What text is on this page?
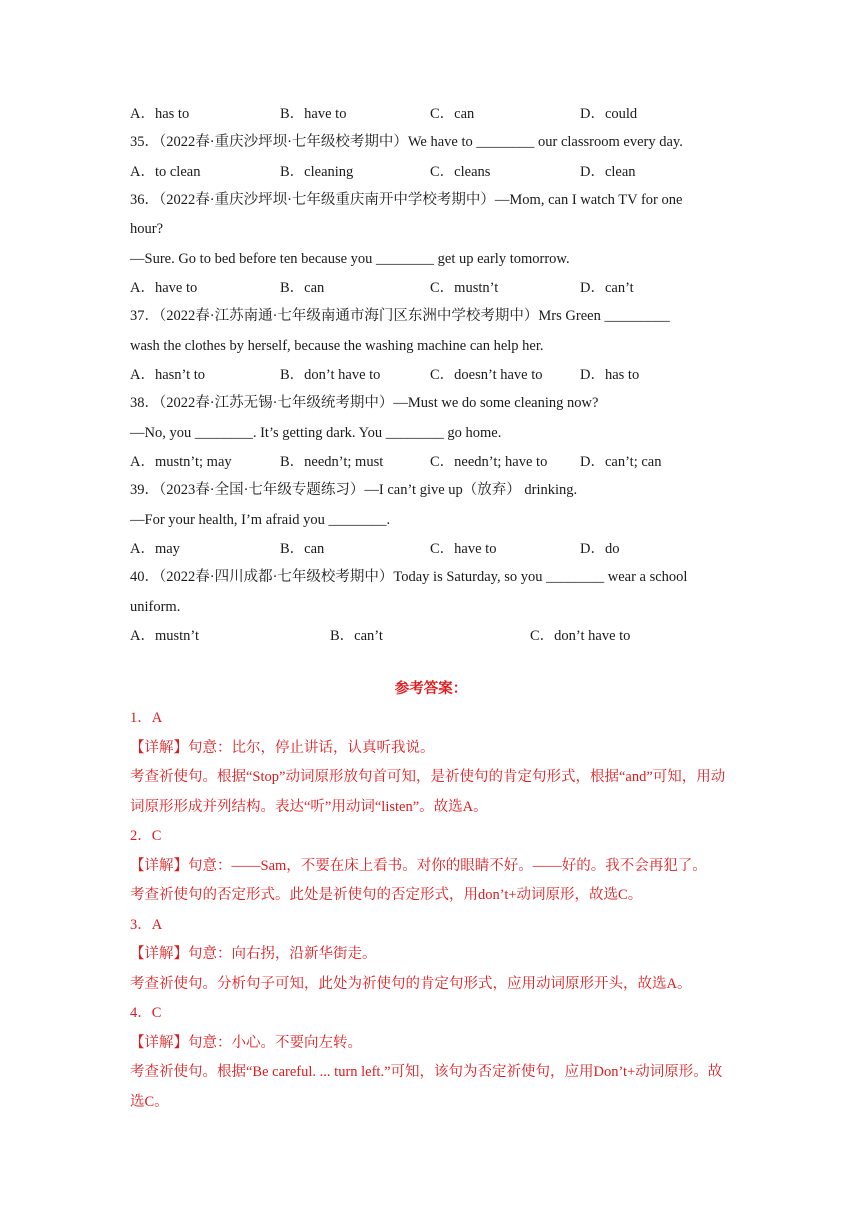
A．has to	B．have to	C．can	D．could
35．（2022春·重庆沙坪坝·七年级校考期中）We have to ________ our classroom every day.
A．to clean	B．cleaning	C．cleans	D．clean
36．（2022春·重庆沙坪坝·七年级重庆南开中学校考期中）—Mom, can I watch TV for one
hour?
—Sure. Go to bed before ten because you ________ get up early tomorrow.
A．have to	B．can	C．mustn’t	D．can’t
37．（2022春·江苏南通·七年级南通市海门区东洲中学校考期中）Mrs Green _________
wash the clothes by herself, because the washing machine can help her.
A．hasn’t to	B．don’t have to	C．doesn’t have to	D．has to
38．（2022春·江苏无锡·七年级统考期中）—Must we do some cleaning now?
—No, you ________. It’s getting dark. You ________ go home.
A．mustn’t; may	B．needn’t; must	C．needn’t; have to	D．can’t; can
39．（2023春·全国·七年级专题练习）—I can’t give up（放弃） drinking.
—For your health, I’m afraid you ________.
A．may	B．can	C．have to	D．do
40．（2022春·四川成都·七年级校考期中）Today is Saturday, so you ________ wear a school
uniform.
A．mustn’t	B．can’t	C．don’t have to
参考答案：
1．A
【详解】句意：比尔，停止讲话，认真听我说。
考查祈使句。根据“Stop”动词原形放句首可知，是祈使句的肯定句形式，根据“and”可知，用动词原形形成并列结构。表达“听”用动词“listen”。故选A。
2．C
【详解】句意：——Sam，不要在床上看书。对你的眼睛不好。——好的。我不会再犯了。
考查祈使句的否定形式。此处是祈使句的否定形式，用don’t+动词原形，故选C。
3．A
【详解】句意：向右拐，沿新华街走。
考查祈使句。分析句子可知，此处为祈使句的肯定句形式，应用动词原形开头，故选A。
4．C
【详解】句意：小心。不要向左转。
考查祈使句。根据“Be careful. ... turn left.”可知，该句为否定祈使句，应用Don’t+动词原形。故选C。
